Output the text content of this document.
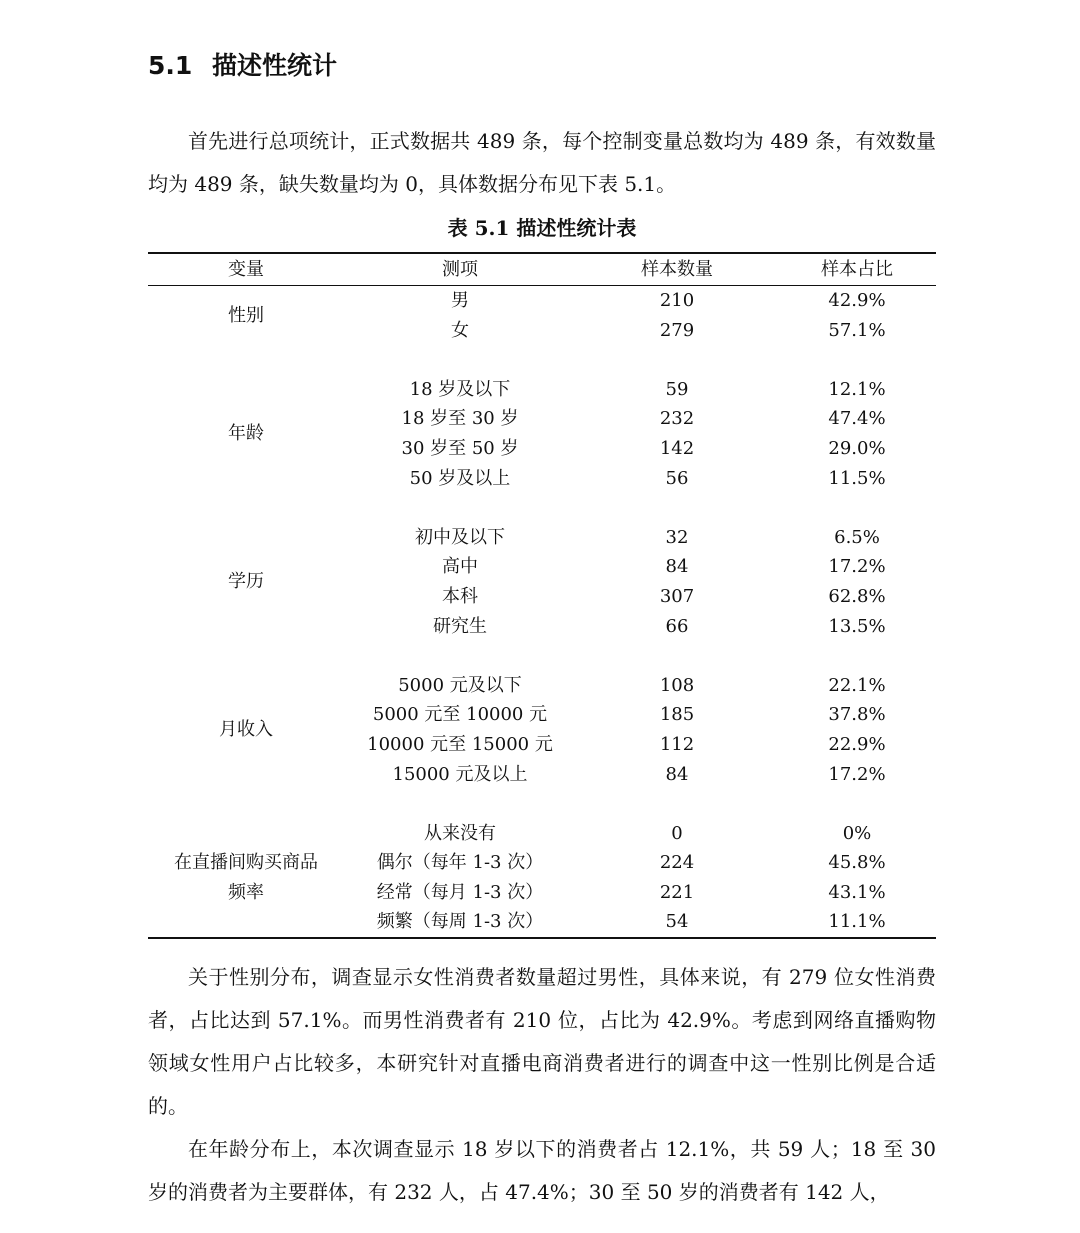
5.1 描述性统计

首先进行总项统计，正式数据共 489 条，每个控制变量总数均为 489 条，有效数量均为 489 条，缺失数量均为 0，具体数据分布见下表 5.1。

表 5.1 描述性统计表
变量	测项	样本数量	样本占比
性别
男	210	42.9%
女	279	57.1%
年龄
18 岁及以下	59	12.1%
18 岁至 30 岁	232	47.4%
30 岁至 50 岁	142	29.0%
50 岁及以上	56	11.5%
学历
初中及以下	32	6.5%
高中	84	17.2%
本科	307	62.8%
研究生	66	13.5%
月收入
5000 元及以下	108	22.1%
5000 元至 10000 元	185	37.8%
10000 元至 15000 元	112	22.9%
15000 元及以上	84	17.2%
在直播间购买商品
频率
从来没有	0	0%
偶尔（每年 1-3 次）	224	45.8%
经常（每月 1-3 次）	221	43.1%
频繁（每周 1-3 次）	54	11.1%

关于性别分布，调查显示女性消费者数量超过男性，具体来说，有 279 位女性消费者，占比达到 57.1%。而男性消费者有 210 位，占比为 42.9%。考虑到网络直播购物领域女性用户占比较多，本研究针对直播电商消费者进行的调查中这一性别比例是合适的。

在年龄分布上，本次调查显示 18 岁以下的消费者占 12.1%，共 59 人；18 至 30 岁的消费者为主要群体，有 232 人，占 47.4%；30 至 50 岁的消费者有 142 人，
